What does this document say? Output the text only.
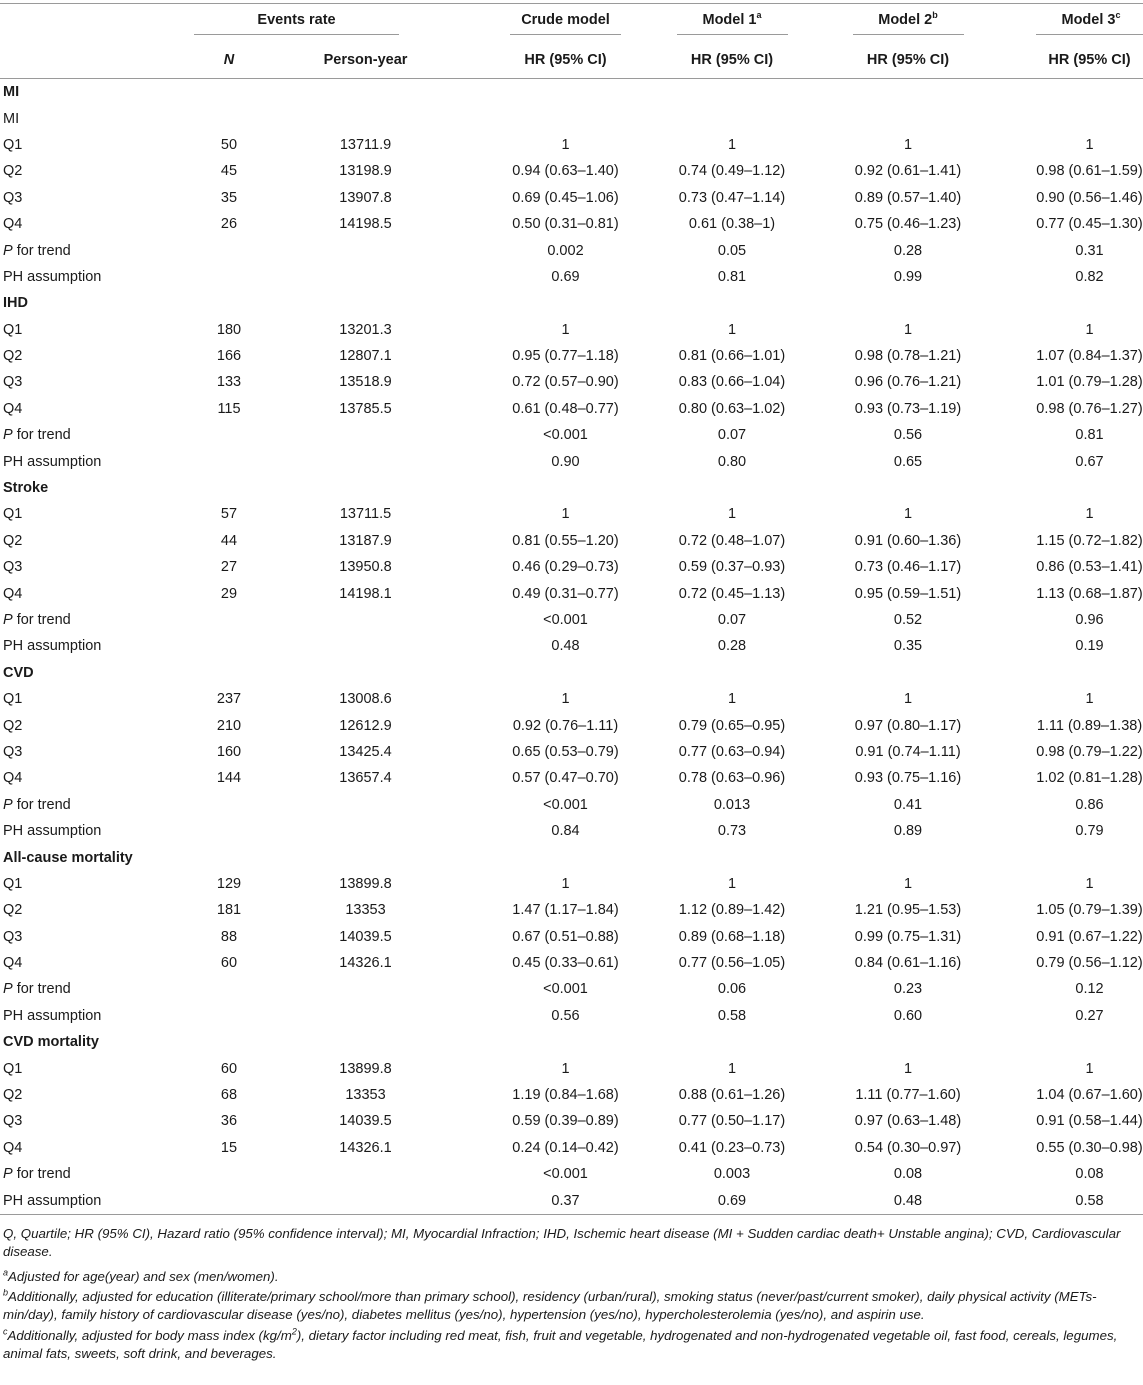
	Events rate		Crude model	Model 1$^a$	Model 2$^b$	Model 3$^c$
	N	Person-year	HR (95% CI)	HR (95% CI)	HR (95% CI)	HR (95% CI)
MI						
MI						
Q1	50	13711.9	1	1	1	1
Q2	45	13198.9	0.94 (0.63–1.40)	0.74 (0.49–1.12)	0.92 (0.61–1.41)	0.98 (0.61–1.59)
Q3	35	13907.8	0.69 (0.45–1.06)	0.73 (0.47–1.14)	0.89 (0.57–1.40)	0.90 (0.56–1.46)
Q4	26	14198.5	0.50 (0.31–0.81)	0.61 (0.38–1)	0.75 (0.46–1.23)	0.77 (0.45–1.30)
P for trend			0.002	0.05	0.28	0.31
PH assumption			0.69	0.81	0.99	0.82
IHD						
Q1	180	13201.3	1	1	1	1
Q2	166	12807.1	0.95 (0.77–1.18)	0.81 (0.66–1.01)	0.98 (0.78–1.21)	1.07 (0.84–1.37)
Q3	133	13518.9	0.72 (0.57–0.90)	0.83 (0.66–1.04)	0.96 (0.76–1.21)	1.01 (0.79–1.28)
Q4	115	13785.5	0.61 (0.48–0.77)	0.80 (0.63–1.02)	0.93 (0.73–1.19)	0.98 (0.76–1.27)
P for trend			<0.001	0.07	0.56	0.81
PH assumption			0.90	0.80	0.65	0.67
Stroke						
Q1	57	13711.5	1	1	1	1
Q2	44	13187.9	0.81 (0.55–1.20)	0.72 (0.48–1.07)	0.91 (0.60–1.36)	1.15 (0.72–1.82)
Q3	27	13950.8	0.46 (0.29–0.73)	0.59 (0.37–0.93)	0.73 (0.46–1.17)	0.86 (0.53–1.41)
Q4	29	14198.1	0.49 (0.31–0.77)	0.72 (0.45–1.13)	0.95 (0.59–1.51)	1.13 (0.68–1.87)
P for trend			<0.001	0.07	0.52	0.96
PH assumption			0.48	0.28	0.35	0.19
CVD						
Q1	237	13008.6	1	1	1	1
Q2	210	12612.9	0.92 (0.76–1.11)	0.79 (0.65–0.95)	0.97 (0.80–1.17)	1.11 (0.89–1.38)
Q3	160	13425.4	0.65 (0.53–0.79)	0.77 (0.63–0.94)	0.91 (0.74–1.11)	0.98 (0.79–1.22)
Q4	144	13657.4	0.57 (0.47–0.70)	0.78 (0.63–0.96)	0.93 (0.75–1.16)	1.02 (0.81–1.28)
P for trend			<0.001	0.013	0.41	0.86
PH assumption			0.84	0.73	0.89	0.79
All-cause mortality						
Q1	129	13899.8	1	1	1	1
Q2	181	13353	1.47 (1.17–1.84)	1.12 (0.89–1.42)	1.21 (0.95–1.53)	1.05 (0.79–1.39)
Q3	88	14039.5	0.67 (0.51–0.88)	0.89 (0.68–1.18)	0.99 (0.75–1.31)	0.91 (0.67–1.22)
Q4	60	14326.1	0.45 (0.33–0.61)	0.77 (0.56–1.05)	0.84 (0.61–1.16)	0.79 (0.56–1.12)
P for trend			<0.001	0.06	0.23	0.12
PH assumption			0.56	0.58	0.60	0.27
CVD mortality						
Q1	60	13899.8	1	1	1	1
Q2	68	13353	1.19 (0.84–1.68)	0.88 (0.61–1.26)	1.11 (0.77–1.60)	1.04 (0.67–1.60)
Q3	36	14039.5	0.59 (0.39–0.89)	0.77 (0.50–1.17)	0.97 (0.63–1.48)	0.91 (0.58–1.44)
Q4	15	14326.1	0.24 (0.14–0.42)	0.41 (0.23–0.73)	0.54 (0.30–0.97)	0.55 (0.30–0.98)
P for trend			<0.001	0.003	0.08	0.08
PH assumption			0.37	0.69	0.48	0.58

Q, Quartile; HR (95% CI), Hazard ratio (95% confidence interval); MI, Myocardial Infraction; IHD, Ischemic heart disease (MI + Sudden cardiac death+ Unstable angina); CVD, Cardiovascular disease.

$^a$Adjusted for age(year) and sex (men/women).

$^b$Additionally, adjusted for education (illiterate/primary school/more than primary school), residency (urban/rural), smoking status (never/past/current smoker), daily physical activity (METs-min/day), family history of cardiovascular disease (yes/no), diabetes mellitus (yes/no), hypertension (yes/no), hypercholesterolemia (yes/no), and aspirin use.

$^c$Additionally, adjusted for body mass index $(kg/m^2)$, dietary factor including red meat, fish, fruit and vegetable, hydrogenated and non-hydrogenated vegetable oil, fast food, cereals, legumes, animal fats, sweets, soft drink, and beverages.
